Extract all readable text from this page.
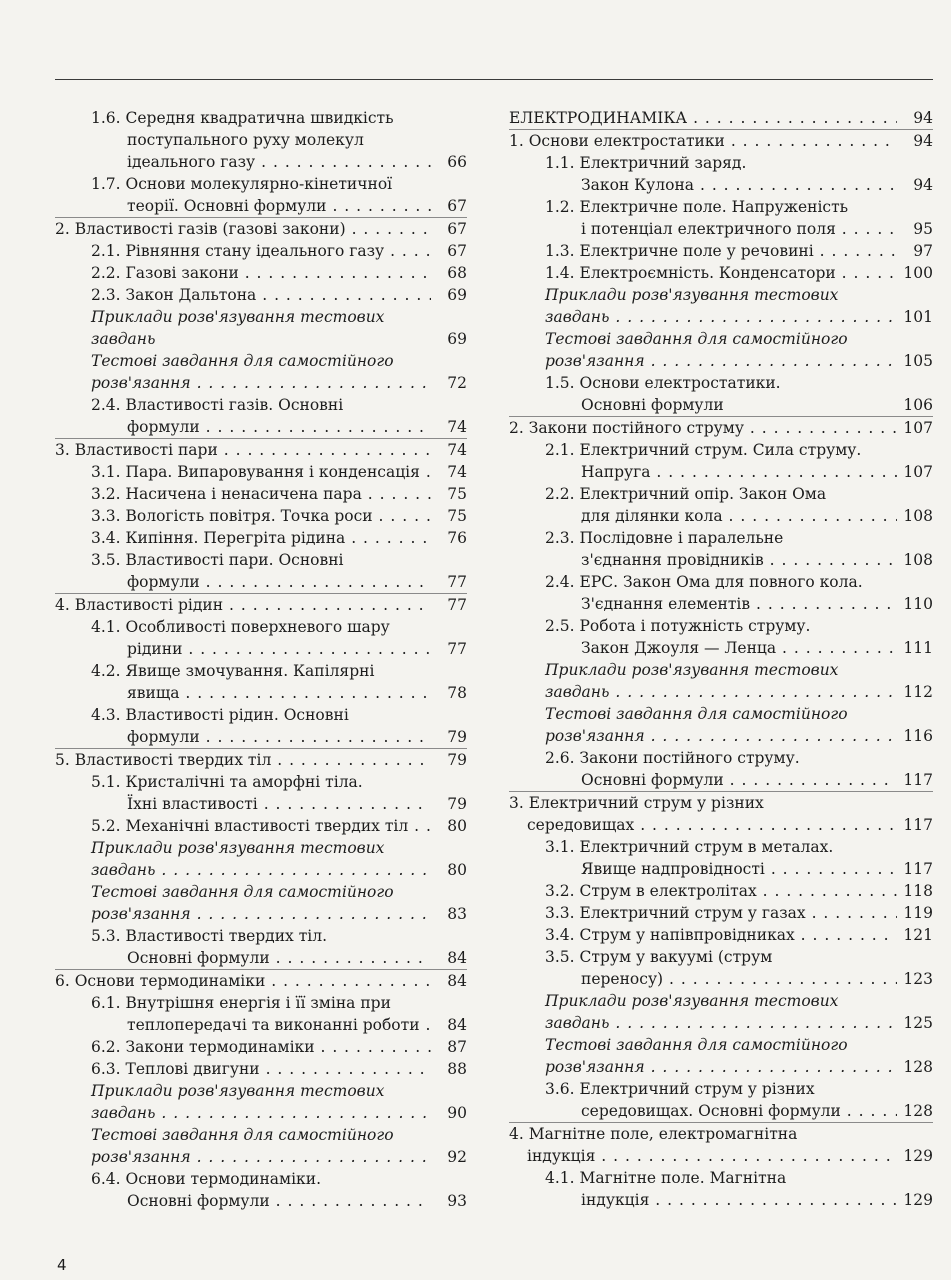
1.6. Середня квадратична швидкість
поступального руху молекул
ідеального газу . . .	66
1.7. Основи молекулярно-кінетичної
теорії. Основні формули . . .	67
2. Властивості газів (газові закони) . . .	67
2.1. Рівняння стану ідеального газу . . .	67
2.2. Газові закони . . .	68
2.3. Закон Дальтона . . .	69
Приклади розв'язування тестових
завдань	69
Тестові завдання для самостійного
розв'язання . . .	72
2.4. Властивості газів. Основні
формули . . .	74
3. Властивості пари . . .	74
3.1. Пара. Випаровування і конденсація . . .	74
3.2. Насичена і ненасичена пара . . .	75
3.3. Вологість повітря. Точка роси . . .	75
3.4. Кипіння. Перегріта рідина . . .	76
3.5. Властивості пари. Основні
формули . . .	77
4. Властивості рідин . . .	77
4.1. Особливості поверхневого шару
рідини . . .	77
4.2. Явище змочування. Капілярні
явища . . .	78
4.3. Властивості рідин. Основні
формули . . .	79
5. Властивості твердих тіл . . .	79
5.1. Кристалічні та аморфні тіла.
Їхні властивості . . .	79
5.2. Механічні властивості твердих тіл . . .	80
Приклади розв'язування тестових
завдань . . .	80
Тестові завдання для самостійного
розв'язання . . .	83
5.3. Властивості твердих тіл.
Основні формули . . .	84
6. Основи термодинаміки . . .	84
6.1. Внутрішня енергія і її зміна при
теплопередачі та виконанні роботи . . .	84
6.2. Закони термодинаміки . . .	87
6.3. Теплові двигуни . . .	88
Приклади розв'язування тестових
завдань . . .	90
Тестові завдання для самостійного
розв'язання . . .	92
6.4. Основи термодинаміки.
Основні формули . . .	93
ЕЛЕКТРОДИНАМІКА . . .	94
1. Основи електростатики . . .	94
1.1. Електричний заряд.
Закон Кулона . . .	94
1.2. Електричне поле. Напруженість
і потенціал електричного поля . . .	95
1.3. Електричне поле у речовині . . .	97
1.4. Електроємність. Конденсатори . . .	100
Приклади розв'язування тестових
завдань . . .	101
Тестові завдання для самостійного
розв'язання . . .	105
1.5. Основи електростатики.
Основні формули	106
2. Закони постійного струму . . .	107
2.1. Електричний струм. Сила струму.
Напруга . . .	107
2.2. Електричний опір. Закон Ома
для ділянки кола . . .	108
2.3. Послідовне і паралельне
з'єднання провідників . . .	108
2.4. ЕРС. Закон Ома для повного кола.
З'єднання елементів . . .	110
2.5. Робота і потужність струму.
Закон Джоуля — Ленца . . .	111
Приклади розв'язування тестових
завдань . . .	112
Тестові завдання для самостійного
розв'язання . . .	116
2.6. Закони постійного струму.
Основні формули . . .	117
3. Електричний струм у різних
середовищах . . .	117
3.1. Електричний струм в металах.
Явище надпровідності . . .	117
3.2. Струм в електролітах . . .	118
3.3. Електричний струм у газах . . .	119
3.4. Струм у напівпровідниках . . .	121
3.5. Струм у вакуумі (струм
переносу) . . .	123
Приклади розв'язування тестових
завдань . . .	125
Тестові завдання для самостійного
розв'язання . . .	128
3.6. Електричний струм у різних
середовищах. Основні формули . . .	128
4. Магнітне поле, електромагнітна
індукція . . .	129
4.1. Магнітне поле. Магнітна
індукція . . .	129
4
